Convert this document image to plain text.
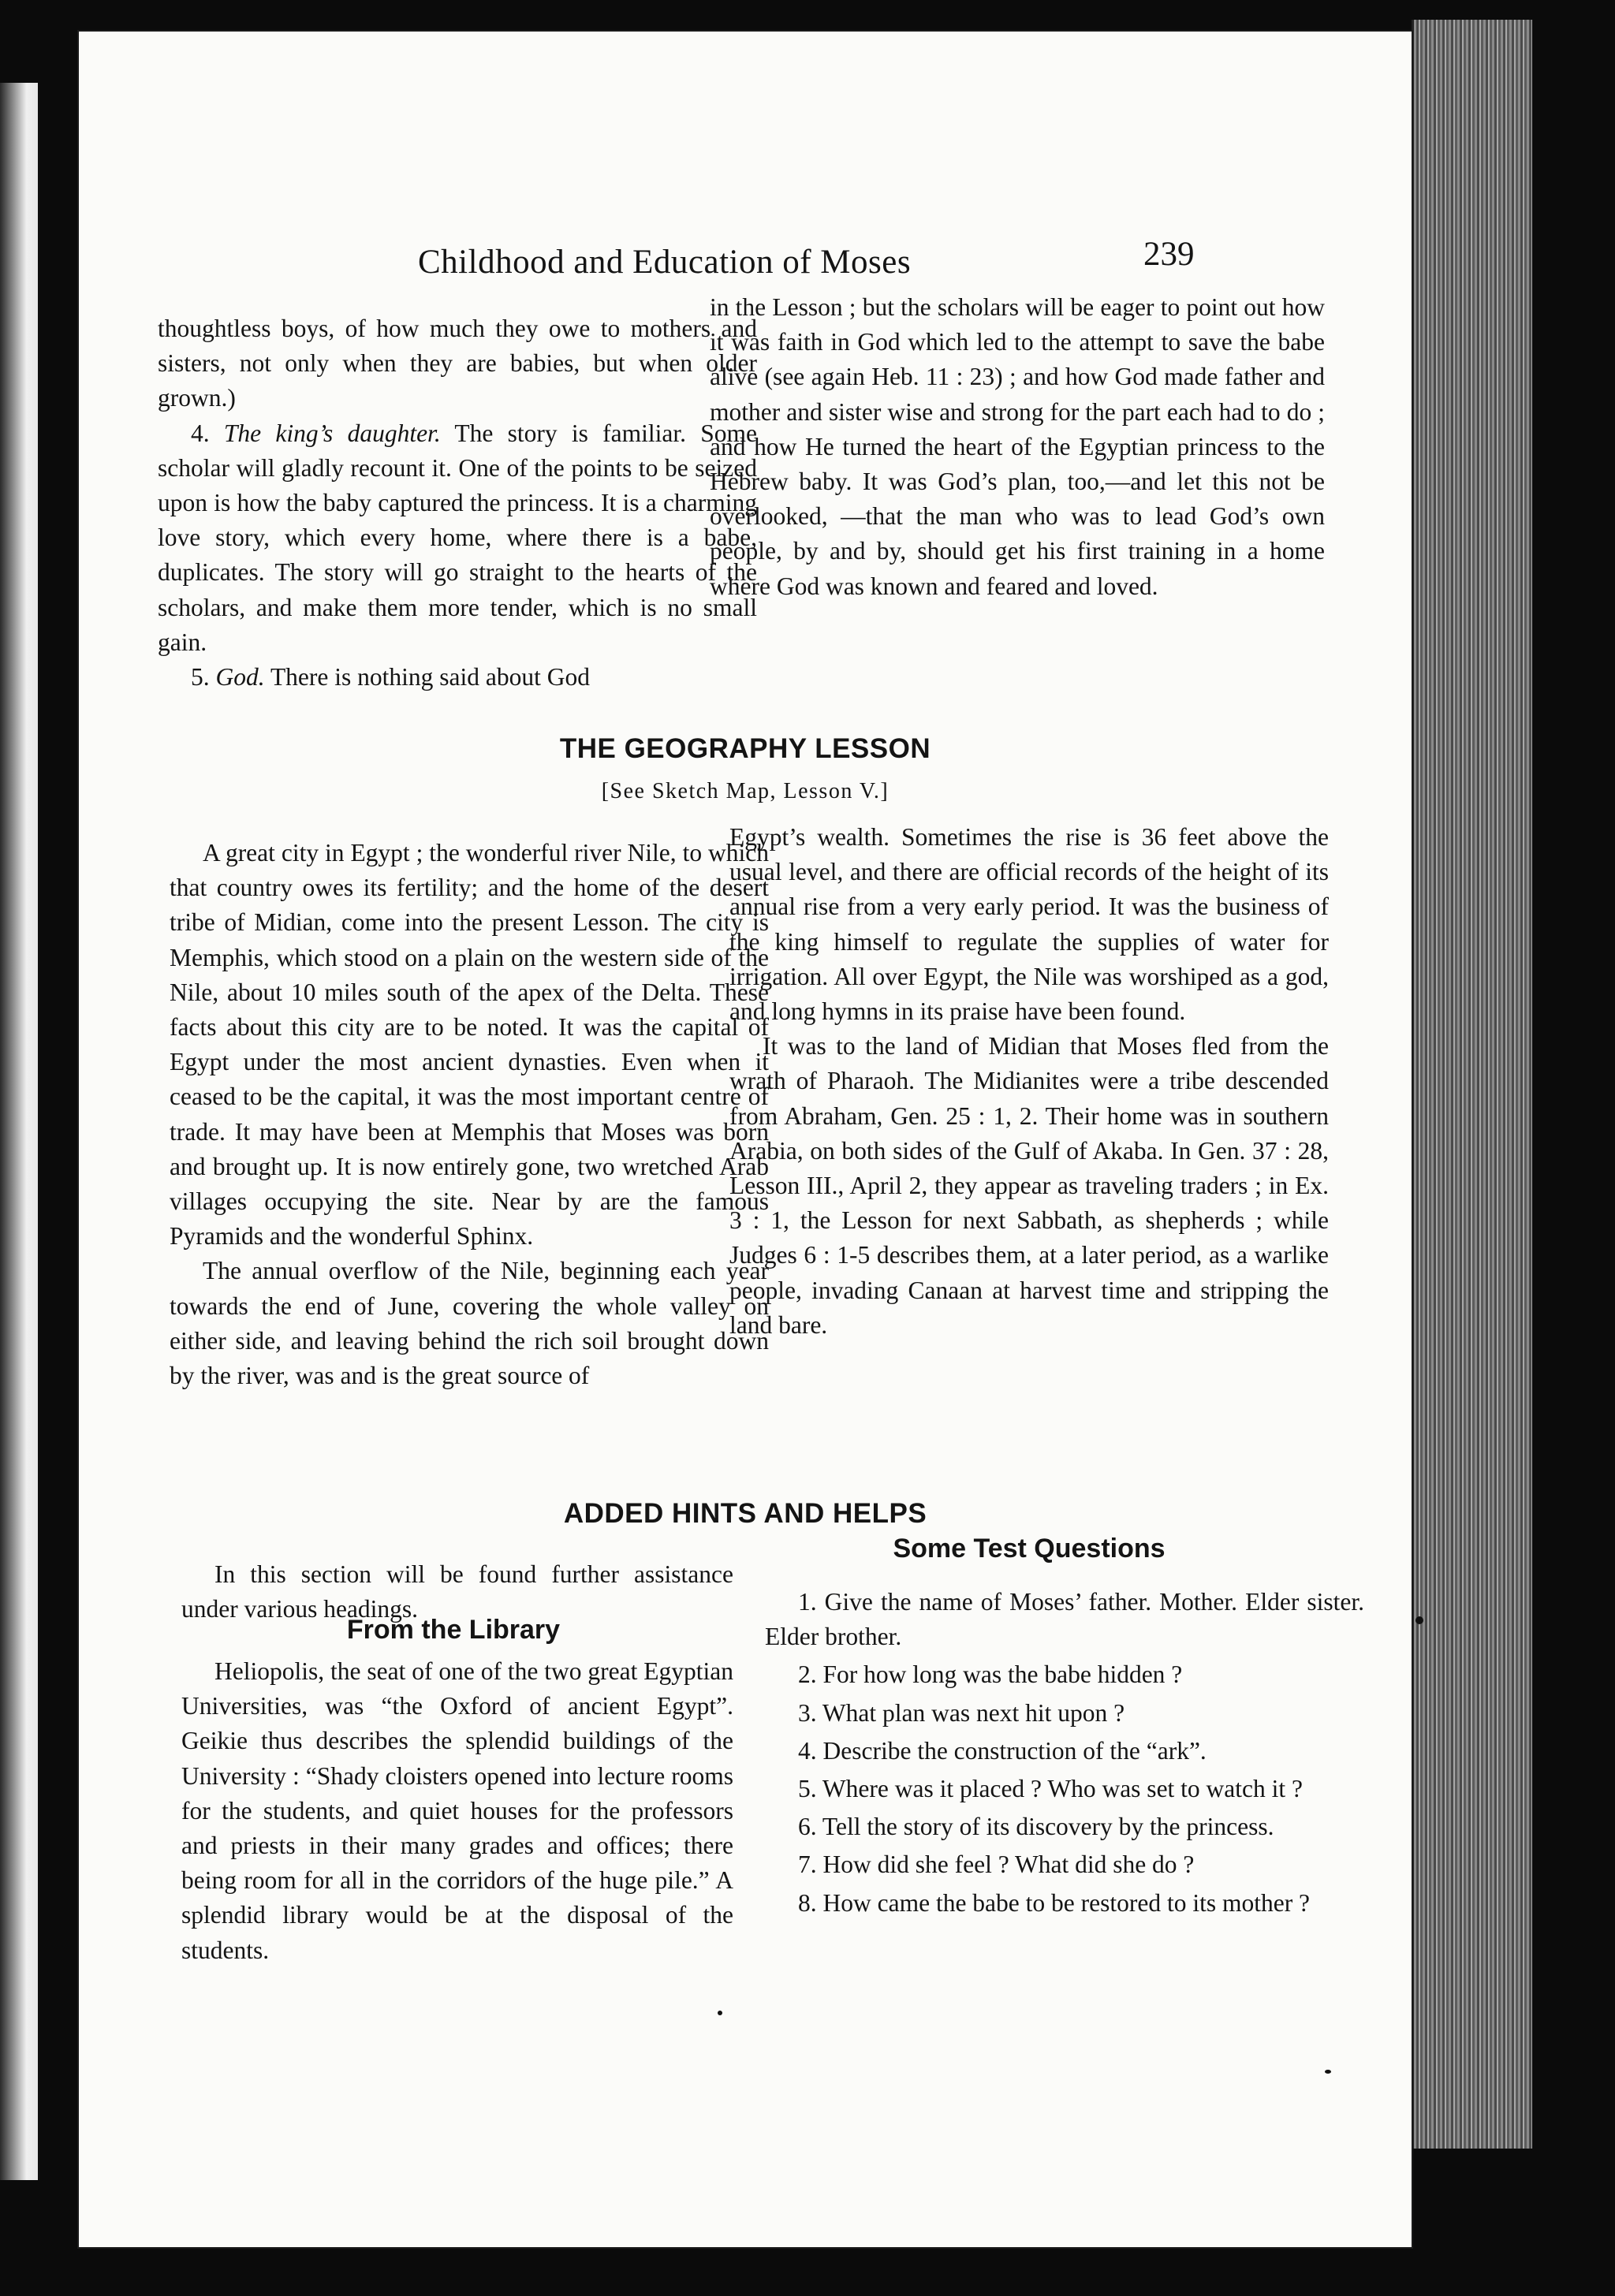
Childhood and Education of Moses	239

thoughtless boys, of how much they owe to mothers and sisters, not only when they are babies, but when older grown.)

4. The king’s daughter. The story is familiar. Some scholar will gladly recount it. One of the points to be seized upon is how the baby captured the princess. It is a charming love story, which every home, where there is a babe, duplicates. The story will go straight to the hearts of the scholars, and make them more tender, which is no small gain.

5. God. There is nothing said about God

in the Lesson ; but the scholars will be eager to point out how it was faith in God which led to the attempt to save the babe alive (see again Heb. 11 : 23) ; and how God made father and mother and sister wise and strong for the part each had to do ; and how He turned the heart of the Egyptian princess to the Hebrew baby. It was God’s plan, too,—and let this not be overlooked, —that the man who was to lead God’s own people, by and by, should get his first training in a home where God was known and feared and loved.

THE GEOGRAPHY LESSON
[See Sketch Map, Lesson V.]

A great city in Egypt ; the wonderful river Nile, to which that country owes its fertility; and the home of the desert tribe of Midian, come into the present Lesson. The city is Memphis, which stood on a plain on the western side of the Nile, about 10 miles south of the apex of the Delta. These facts about this city are to be noted. It was the capital of Egypt under the most ancient dynasties. Even when it ceased to be the capital, it was the most important centre of trade. It may have been at Memphis that Moses was born and brought up. It is now entirely gone, two wretched Arab villages occupying the site. Near by are the famous Pyramids and the wonderful Sphinx.

The annual overflow of the Nile, beginning each year towards the end of June, covering the whole valley on either side, and leaving behind the rich soil brought down by the river, was and is the great source of

Egypt’s wealth. Sometimes the rise is 36 feet above the usual level, and there are official records of the height of its annual rise from a very early period. It was the business of the king himself to regulate the supplies of water for irrigation. All over Egypt, the Nile was worshiped as a god, and long hymns in its praise have been found.

It was to the land of Midian that Moses fled from the wrath of Pharaoh. The Midianites were a tribe descended from Abraham, Gen. 25 : 1, 2. Their home was in southern Arabia, on both sides of the Gulf of Akaba. In Gen. 37 : 28, Lesson III., April 2, they appear as traveling traders ; in Ex. 3 : 1, the Lesson for next Sabbath, as shepherds ; while Judges 6 : 1-5 describes them, at a later period, as a warlike people, invading Canaan at harvest time and stripping the land bare.

ADDED HINTS AND HELPS

In this section will be found further assistance under various headings.

From the Library

Heliopolis, the seat of one of the two great Egyptian Universities, was “the Oxford of ancient Egypt”. Geikie thus describes the splendid buildings of the University : “Shady cloisters opened into lecture rooms for the students, and quiet houses for the professors and priests in their many grades and offices; there being room for all in the corridors of the huge pile.” A splendid library would be at the disposal of the students.

Some Test Questions

1. Give the name of Moses’ father. Mother. Elder sister. Elder brother.

2. For how long was the babe hidden ?

3. What plan was next hit upon ?

4. Describe the construction of the “ark”.

5. Where was it placed ? Who was set to watch it ?

6. Tell the story of its discovery by the princess.

7. How did she feel ? What did she do ?

8. How came the babe to be restored to its mother ?
